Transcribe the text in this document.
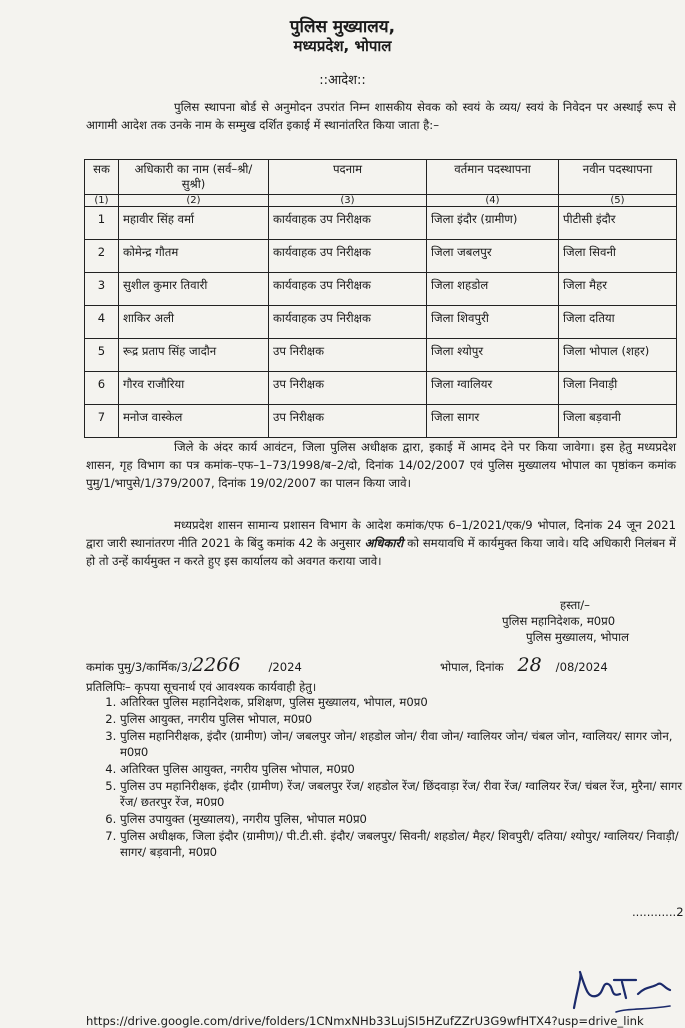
पुलिस मुख्यालय,
मध्यप्रदेश, भोपाल
::आदेश::
पुलिस स्थापना बोर्ड से अनुमोदन उपरांत निम्न शासकीय सेवक को स्वयं के व्यय/ स्वयं के निवेदन पर अस्थाई रूप से आगामी आदेश तक उनके नाम के सम्मुख दर्शित इकाई में स्थानांतरित किया जाता है:–
सक	अधिकारी का नाम (सर्व–श्री/सुश्री)	पदनाम	वर्तमान पदस्थापना	नवीन पदस्थापना
(1)	(2)	(3)	(4)	(5)
1	महावीर सिंह वर्मा	कार्यवाहक उप निरीक्षक	जिला इंदौर (ग्रामीण)	पीटीसी इंदौर
2	कोमेन्द्र गौतम	कार्यवाहक उप निरीक्षक	जिला जबलपुर	जिला सिवनी
3	सुशील कुमार तिवारी	कार्यवाहक उप निरीक्षक	जिला शहडोल	जिला मैहर
4	शाकिर अली	कार्यवाहक उप निरीक्षक	जिला शिवपुरी	जिला दतिया
5	रूद्र प्रताप सिंह जादौन	उप निरीक्षक	जिला श्योपुर	जिला भोपाल (शहर)
6	गौरव राजौरिया	उप निरीक्षक	जिला ग्वालियर	जिला निवाड़ी
7	मनोज वास्केल	उप निरीक्षक	जिला सागर	जिला बड़वानी
जिले के अंदर कार्य आवंटन, जिला पुलिस अधीक्षक द्वारा, इकाई में आमद देने पर किया जावेगा। इस हेतु मध्यप्रदेश शासन, गृह विभाग का पत्र कमांक–एफ–1–73/1998/ब–2/दो, दिनांक 14/02/2007 एवं पुलिस मुख्यालय भोपाल का पृष्ठांकन कमांक पुमु/1/भापुसे/1/379/2007, दिनांक 19/02/2007 का पालन किया जावे।
मध्यप्रदेश शासन सामान्य प्रशासन विभाग के आदेश कमांक/एफ 6–1/2021/एक/9 भोपाल, दिनांक 24 जून 2021 द्वारा जारी स्थानांतरण नीति 2021 के बिंदु कमांक 42 के अनुसार अधिकारी को समयावधि में कार्यमुक्त किया जावे। यदि अधिकारी निलंबन में हो तो उन्हें कार्यमुक्त न करते हुए इस कार्यालय को अवगत कराया जावे।
हस्ता/–
पुलिस महानिदेशक, म0प्र0
पुलिस मुख्यालय, भोपाल
कमांक पुमु/3/कार्मिक/3/2266 /2024	भोपाल, दिनांक 28 /08/2024
प्रतिलिपिः– कृपया सूचनार्थ एवं आवश्यक कार्यवाही हेतु।
1. अतिरिक्त पुलिस महानिदेशक, प्रशिक्षण, पुलिस मुख्यालय, भोपाल, म0प्र0
2. पुलिस आयुक्त, नगरीय पुलिस भोपाल, म0प्र0
3. पुलिस महानिरीक्षक, इंदौर (ग्रामीण) जोन/ जबलपुर जोन/ शहडोल जोन/ रीवा जोन/ ग्वालियर जोन/ चंबल जोन, ग्वालियर/ सागर जोन, म0प्र0
4. अतिरिक्त पुलिस आयुक्त, नगरीय पुलिस भोपाल, म0प्र0
5. पुलिस उप महानिरीक्षक, इंदौर (ग्रामीण) रेंज/ जबलपुर रेंज/ शहडोल रेंज/ छिंदवाड़ा रेंज/ रीवा रेंज/ ग्वालियर रेंज/ चंबल रेंज, मुरैना/ सागर रेंज/ छतरपुर रेंज, म0प्र0
6. पुलिस उपायुक्त (मुख्यालय), नगरीय पुलिस, भोपाल म0प्र0
7. पुलिस अधीक्षक, जिला इंदौर (ग्रामीण)/ पी.टी.सी. इंदौर/ जबलपुर/ सिवनी/ शहडोल/ मैहर/ शिवपुरी/ दतिया/ श्योपुर/ ग्वालियर/ निवाड़ी/ सागर/ बड़वानी, म0प्र0
............2
https://drive.google.com/drive/folders/1CNmxNHb33LujSI5HZufZZrU3G9wfHTX4?usp=drive_link
